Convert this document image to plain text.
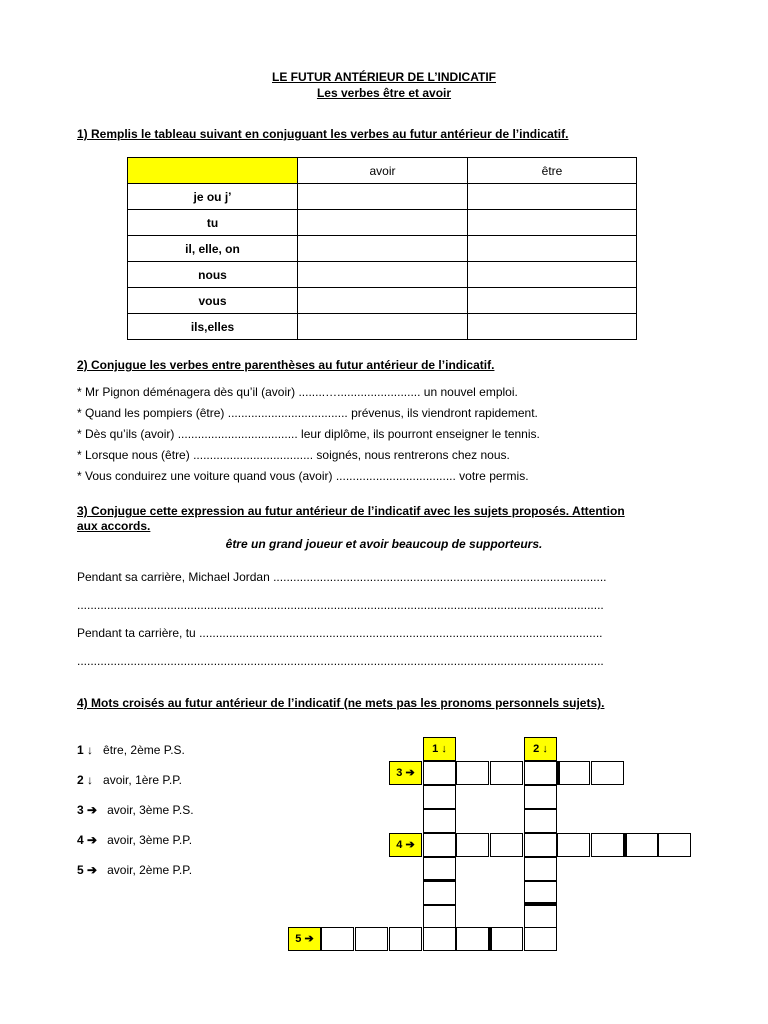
LE FUTUR ANTÉRIEUR DE L’INDICATIF
Les verbes être et avoir
1) Remplis le tableau suivant en conjuguant les verbes au futur antérieur de l’indicatif.
	avoir	être
je ou j’		
tu		
il, elle, on		
nous		
vous		
ils,elles		
2) Conjugue les verbes entre parenthèses au futur antérieur de l’indicatif.
* Mr Pignon déménagera dès qu’il (avoir) ........…......................... un nouvel emploi.
* Quand les pompiers (être) .................................... prévenus, ils viendront rapidement.
* Dès qu’ils (avoir) .................................... leur diplôme, ils pourront enseigner le tennis.
* Lorsque nous (être) .................................... soignés, nous rentrerons chez nous.
* Vous conduirez une voiture quand vous (avoir) .................................... votre permis.
3) Conjugue cette expression au futur antérieur de l’indicatif avec les sujets proposés. Attention
aux accords.
être un grand joueur et avoir beaucoup de supporteurs.
Pendant sa carrière, Michael Jordan ....................................................................................................
..............................................................................................................................................................
Pendant ta carrière, tu .........................................................................................................................
..............................................................................................................................................................
4) Mots croisés au futur antérieur de l’indicatif (ne mets pas les pronoms personnels sujets).
1 ↓ être, 2ème P.S.
2 ↓ avoir, 1ère P.P.
3 ➔ avoir, 3ème P.S.
4 ➔ avoir, 3ème P.P.
5 ➔ avoir, 2ème P.P.
1 ↓	2 ↓
3 ➔
4 ➔
5 ➔
